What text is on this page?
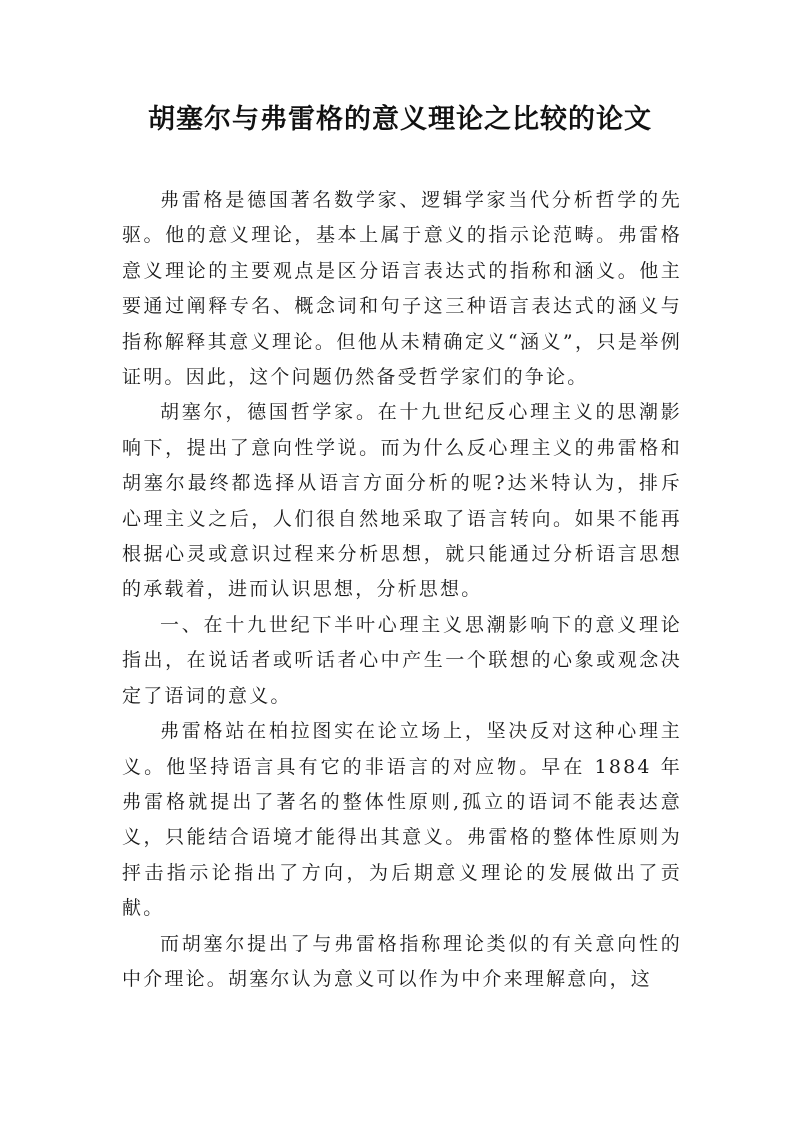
胡塞尔与弗雷格的意义理论之比较的论文

弗雷格是德国著名数学家、逻辑学家当代分析哲学的先驱。他的意义理论，基本上属于意义的指示论范畴。弗雷格意义理论的主要观点是区分语言表达式的指称和涵义。他主要通过阐释专名、概念词和句子这三种语言表达式的涵义与指称解释其意义理论。但他从未精确定义“涵义”，只是举例证明。因此，这个问题仍然备受哲学家们的争论。

胡塞尔，德国哲学家。在十九世纪反心理主义的思潮影响下，提出了意向性学说。而为什么反心理主义的弗雷格和胡塞尔最终都选择从语言方面分析的呢?达米特认为，排斥心理主义之后，人们很自然地采取了语言转向。如果不能再根据心灵或意识过程来分析思想，就只能通过分析语言思想的承载着，进而认识思想，分析思想。

一、在十九世纪下半叶心理主义思潮影响下的意义理论指出，在说话者或听话者心中产生一个联想的心象或观念决定了语词的意义。

弗雷格站在柏拉图实在论立场上，坚决反对这种心理主义。他坚持语言具有它的非语言的对应物。早在 1884 年弗雷格就提出了著名的整体性原则,孤立的语词不能表达意义，只能结合语境才能得出其意义。弗雷格的整体性原则为抨击指示论指出了方向，为后期意义理论的发展做出了贡献。

而胡塞尔提出了与弗雷格指称理论类似的有关意向性的中介理论。胡塞尔认为意义可以作为中介来理解意向，这
